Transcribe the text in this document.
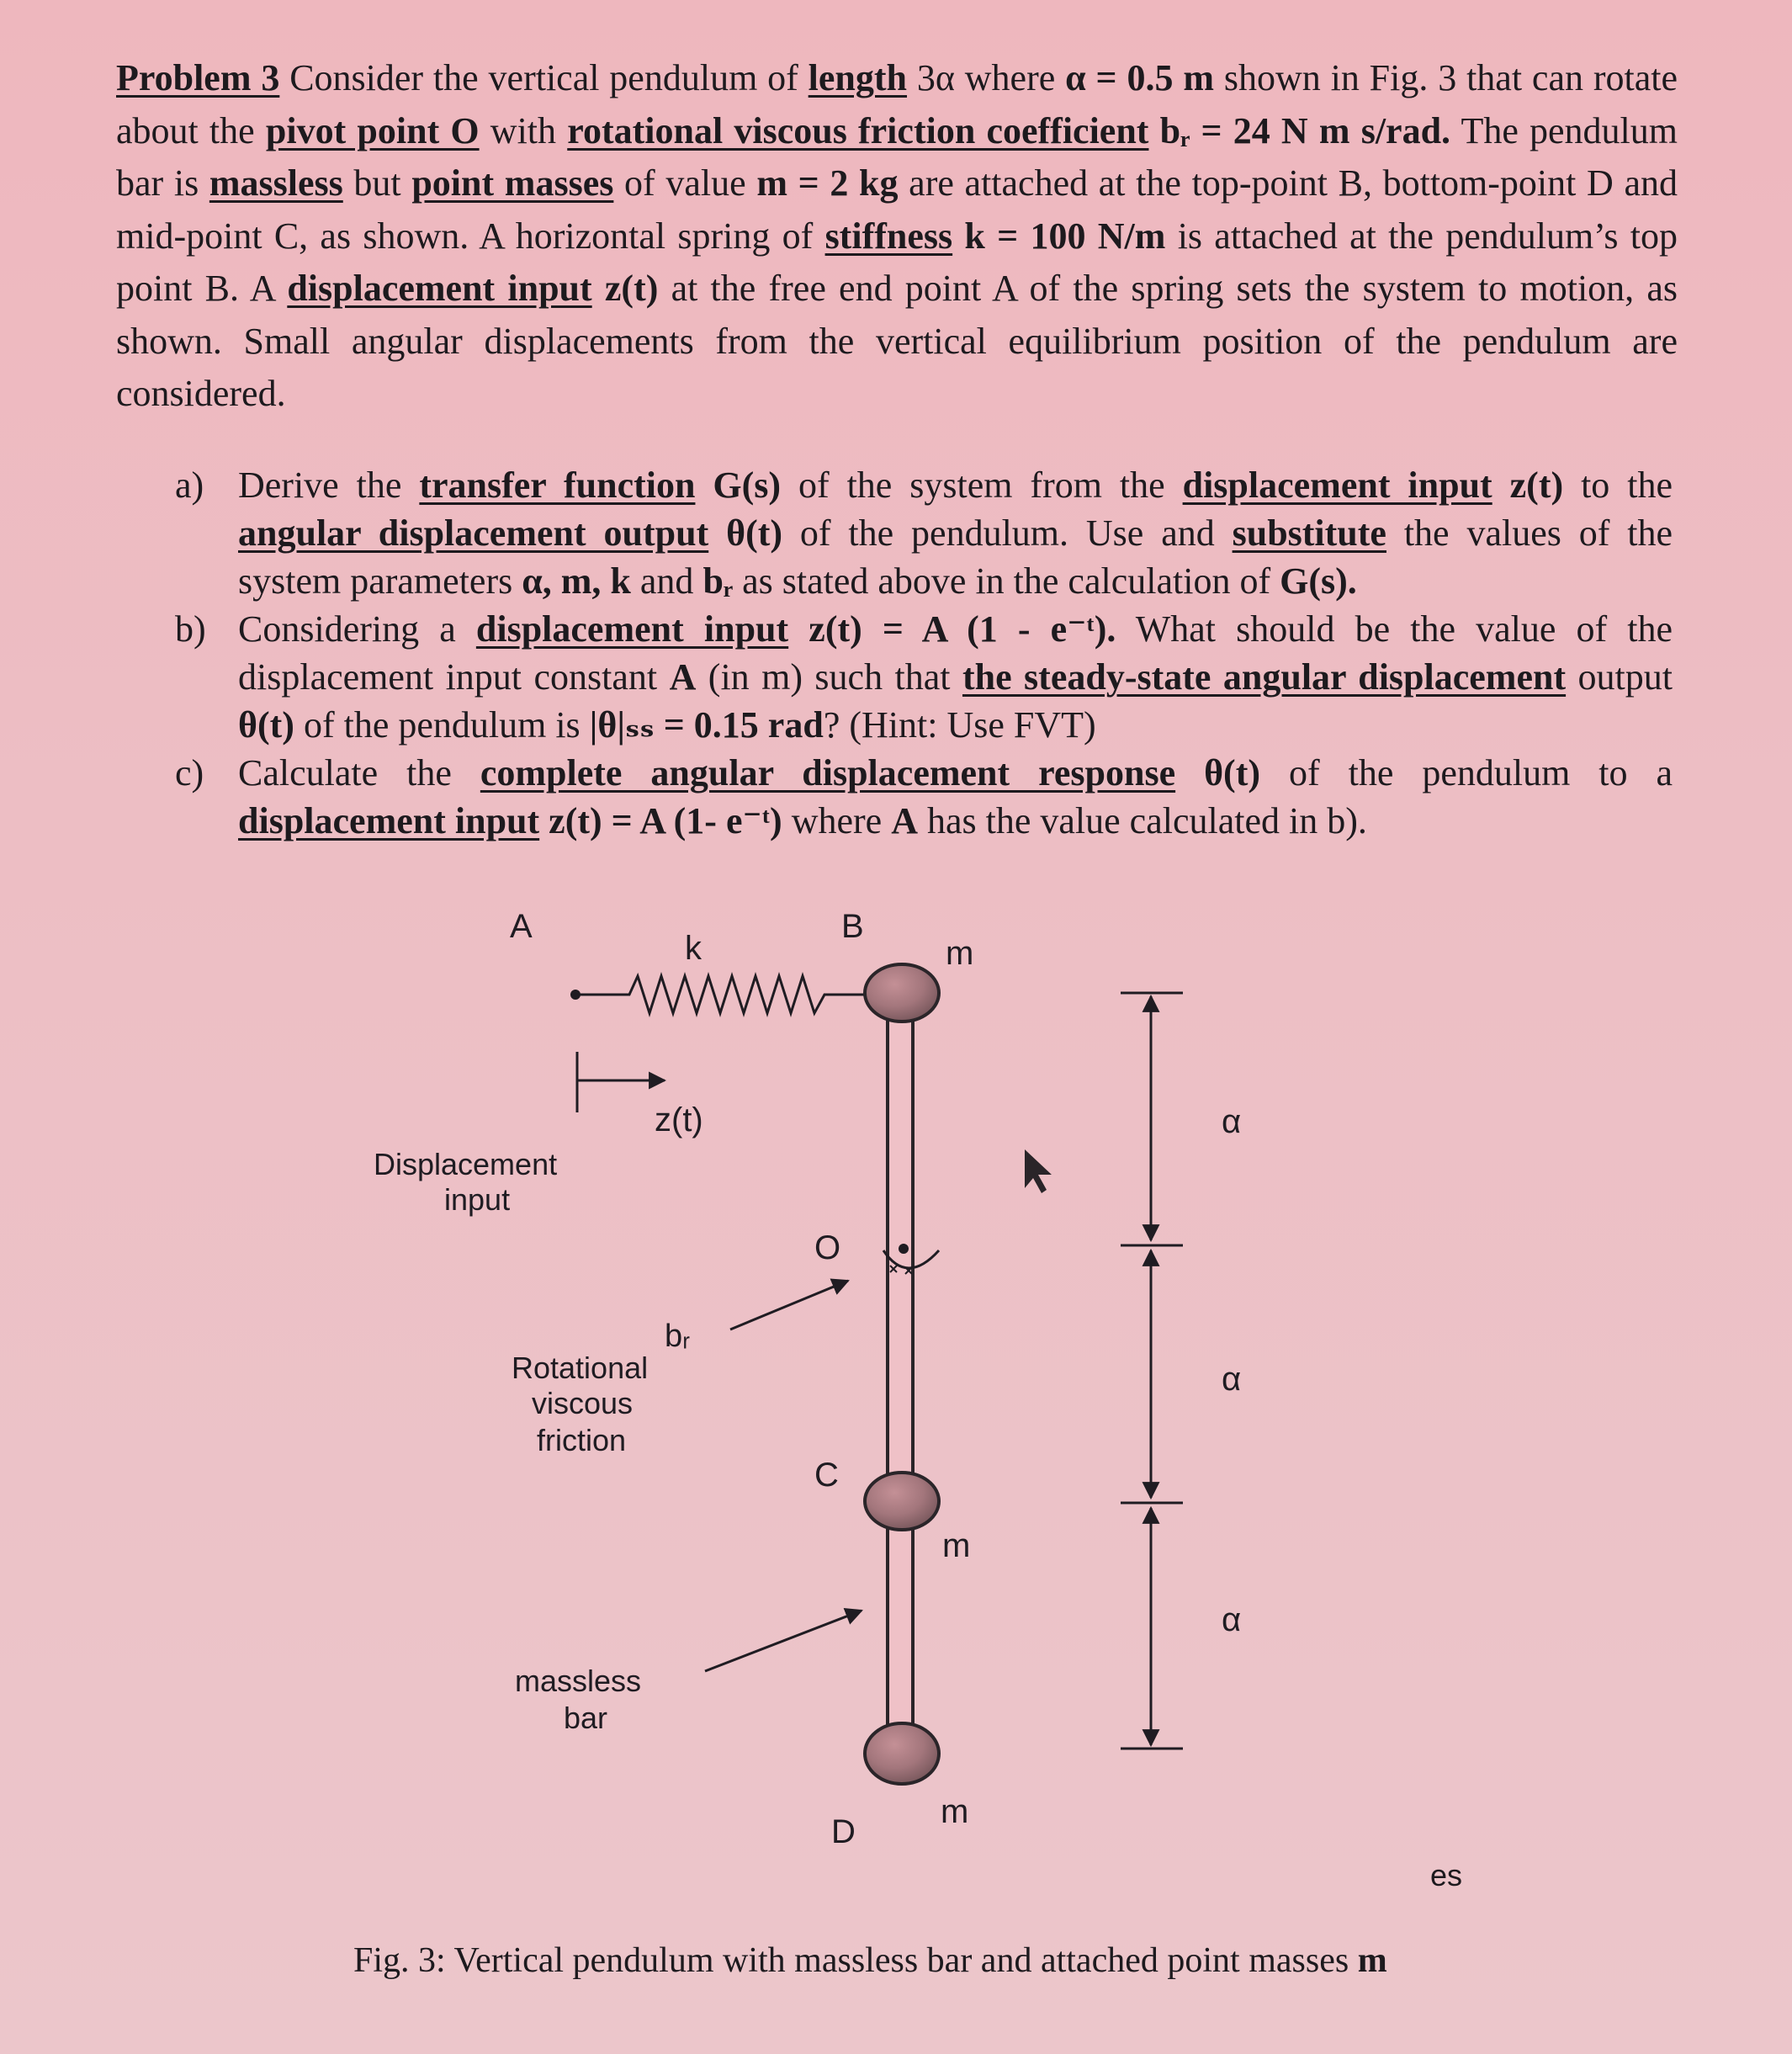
Problem 3 Consider the vertical pendulum of length 3α where α = 0.5 m shown in Fig. 3 that can rotate about the pivot point O with rotational viscous friction coefficient bᵣ = 24 N m s/rad. The pendulum bar is massless but point masses of value m = 2 kg are attached at the top-point B, bottom-point D and mid-point C, as shown. A horizontal spring of stiffness k = 100 N/m is attached at the pendulum’s top point B. A displacement input z(t) at the free end point A of the spring sets the system to motion, as shown. Small angular displacements from the vertical equilibrium position of the pendulum are considered.

a) Derive the transfer function G(s) of the system from the displacement input z(t) to the angular displacement output θ(t) of the pendulum. Use and substitute the values of the system parameters α, m, k and bᵣ as stated above in the calculation of G(s).
b) Considering a displacement input z(t) = A (1 - e⁻ᵗ). What should be the value of the displacement input constant A (in m) such that the steady-state angular displacement output θ(t) of the pendulum is |θ|ₛₛ = 0.15 rad? (Hint: Use FVT)
c) Calculate the complete angular displacement response θ(t) of the pendulum to a displacement input z(t) = A (1- e⁻ᵗ) where A has the value calculated in b).
A	B
k	m
z(t)
Displacement
input
O
bᵣ
Rotational
viscous
friction
C
m
massless
bar
D
m
α
α
α
es
Fig. 3: Vertical pendulum with massless bar and attached point masses m
